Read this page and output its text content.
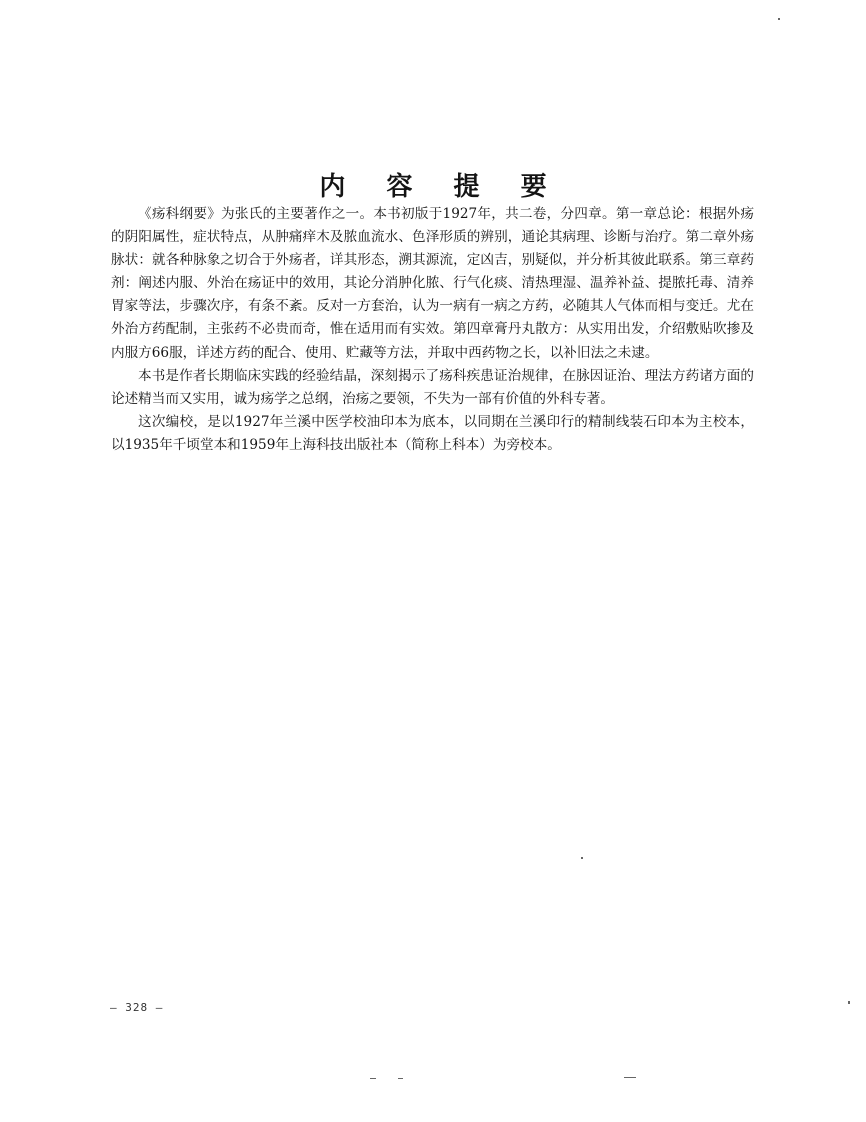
内 容 提 要

《疡科纲要》为张氏的主要著作之一。本书初版于1927年，共二卷，分四章。第一章总论：根据外疡的阴阳属性，症状特点，从肿痛痒木及脓血流水、色泽形质的辨别，通论其病理、诊断与治疗。第二章外疡脉状：就各种脉象之切合于外疡者，详其形态，溯其源流，定凶吉，别疑似，并分析其彼此联系。第三章药剂：阐述内服、外治在疡证中的效用，其论分消肿化脓、行气化痰、清热理湿、温养补益、提脓托毒、清养胃家等法，步骤次序，有条不紊。反对一方套治，认为一病有一病之方药，必随其人气体而相与变迁。尤在外治方药配制，主张药不必贵而奇，惟在适用而有实效。第四章膏丹丸散方：从实用出发，介绍敷贴吹掺及内服方66服，详述方药的配合、使用、贮藏等方法，并取中西药物之长，以补旧法之未逮。

本书是作者长期临床实践的经验结晶，深刻揭示了疡科疾患证治规律，在脉因证治、理法方药诸方面的论述精当而又实用，诚为疡学之总纲，治疡之要领，不失为一部有价值的外科专著。

这次编校，是以1927年兰溪中医学校油印本为底本，以同期在兰溪印行的精制线装石印本为主校本，以1935年千顷堂本和1959年上海科技出版社本（简称上科本）为旁校本。

— 328 —
